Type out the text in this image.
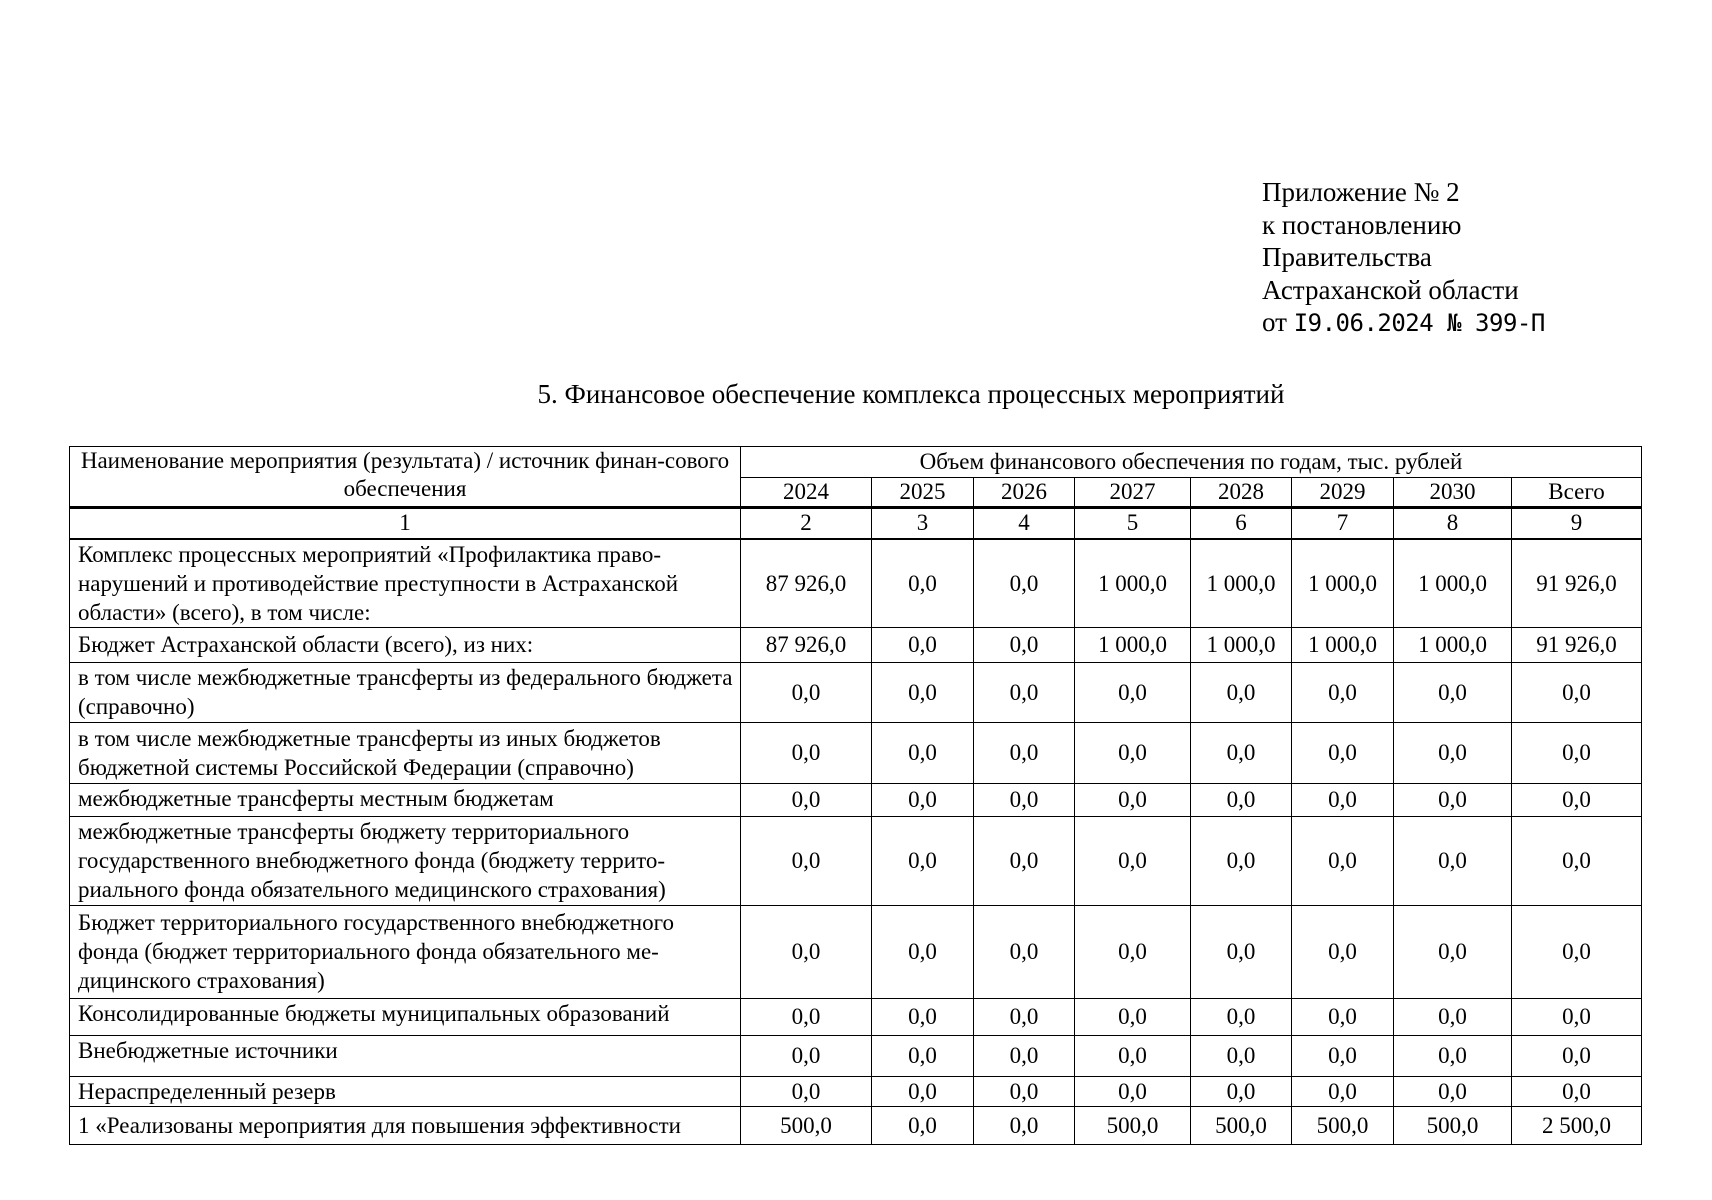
Приложение № 2
к постановлению
Правительства
Астраханской области
от I9.06.2024 № 399-П
5. Финансовое обеспечение комплекса процессных мероприятий
Наименование мероприятия (результата) / источник финан-сового обеспечения	Объем финансового обеспечения по годам, тыс. рублей							
	2024	2025	2026	2027	2028	2029	2030	Всего
1	2	3	4	5	6	7	8	9
Комплекс процессных мероприятий «Профилактика право-нарушений и противодействие преступности в Астраханской области» (всего), в том числе:	87 926,0	0,0	0,0	1 000,0	1 000,0	1 000,0	1 000,0	91 926,0
Бюджет Астраханской области (всего), из них:	87 926,0	0,0	0,0	1 000,0	1 000,0	1 000,0	1 000,0	91 926,0
в том числе межбюджетные трансферты из федерального бюджета (справочно)	0,0	0,0	0,0	0,0	0,0	0,0	0,0	0,0
в том числе межбюджетные трансферты из иных бюджетов бюджетной системы Российской Федерации (справочно)	0,0	0,0	0,0	0,0	0,0	0,0	0,0	0,0
межбюджетные трансферты местным бюджетам	0,0	0,0	0,0	0,0	0,0	0,0	0,0	0,0
межбюджетные трансферты бюджету территориального государственного внебюджетного фонда (бюджету террито-риального фонда обязательного медицинского страхования)	0,0	0,0	0,0	0,0	0,0	0,0	0,0	0,0
Бюджет территориального государственного внебюджетного фонда (бюджет территориального фонда обязательного ме-дицинского страхования)	0,0	0,0	0,0	0,0	0,0	0,0	0,0	0,0
Консолидированные бюджеты муниципальных образований	0,0	0,0	0,0	0,0	0,0	0,0	0,0	0,0
Внебюджетные источники	0,0	0,0	0,0	0,0	0,0	0,0	0,0	0,0
Нераспределенный резерв	0,0	0,0	0,0	0,0	0,0	0,0	0,0	0,0
1 «Реализованы мероприятия для повышения эффективности	500,0	0,0	0,0	500,0	500,0	500,0	500,0	2 500,0
